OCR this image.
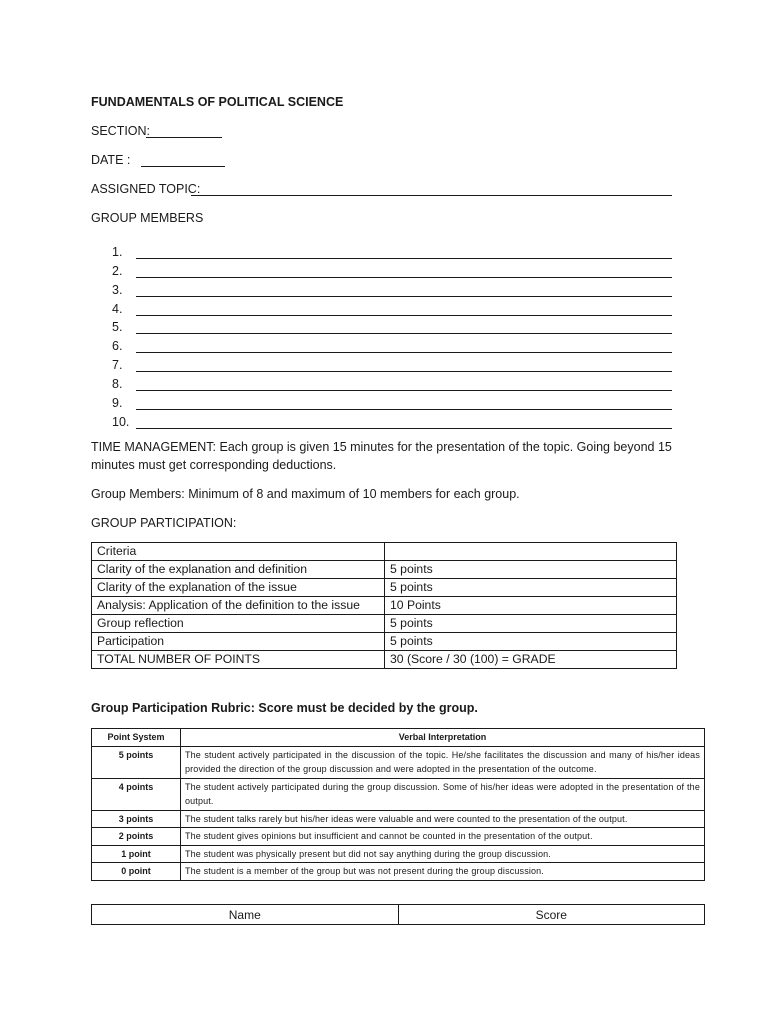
FUNDAMENTALS OF POLITICAL SCIENCE
SECTION:
DATE :
ASSIGNED TOPIC:
GROUP MEMBERS
1.
2.
3.
4.
5.
6.
7.
8.
9.
10.
TIME MANAGEMENT: Each group is given 15 minutes for the presentation of the topic. Going beyond 15 minutes must get corresponding deductions.
Group Members: Minimum of 8 and maximum of 10 members for each group.
GROUP PARTICIPATION:
Criteria	
Clarity of the explanation and definition	5 points
Clarity of the explanation of the issue	5 points
Analysis: Application of the definition to the issue	10 Points
Group reflection	5 points
Participation	5 points
TOTAL NUMBER OF POINTS	30 (Score / 30 (100) = GRADE
Group Participation Rubric: Score must be decided by the group.
Point System	Verbal Interpretation
5 points	The student actively participated in the discussion of the topic. He/she facilitates the discussion and many of his/her ideas provided the direction of the group discussion and were adopted in the presentation of the outcome.
4 points	The student actively participated during the group discussion. Some of his/her ideas were adopted in the presentation of the output.
3 points	The student talks rarely but his/her ideas were valuable and were counted to the presentation of the output.
2 points	The student gives opinions but insufficient and cannot be counted in the presentation of the output.
1 point	The student was physically present but did not say anything during the group discussion.
0 point	The student is a member of the group but was not present during the group discussion.
Name	Score
